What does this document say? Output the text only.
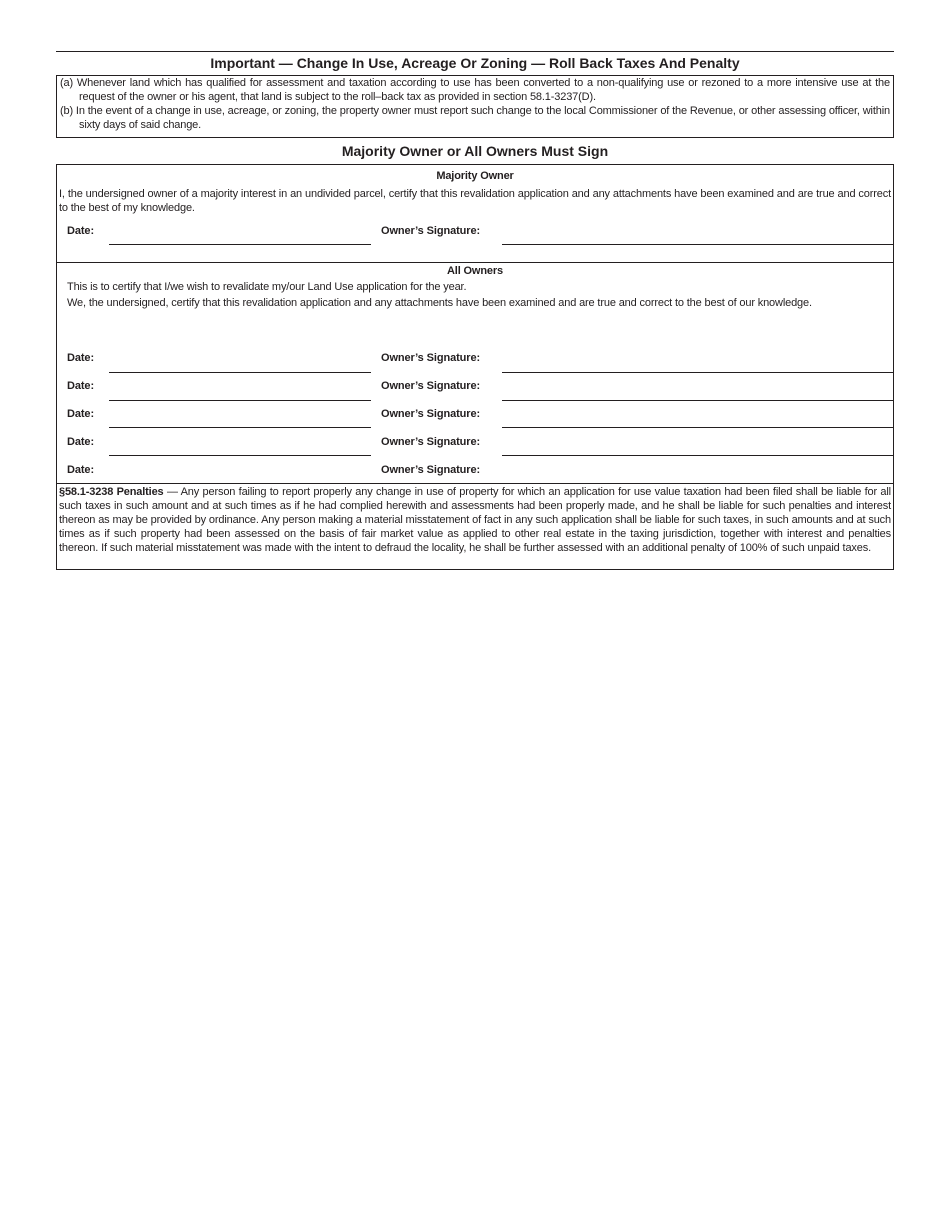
Important — Change In Use, Acreage Or Zoning — Roll Back Taxes And Penalty
(a) Whenever land which has qualified for assessment and taxation according to use has been converted to a non-qualifying use or rezoned to a more intensive use at the request of the owner or his agent, that land is subject to the roll–back tax as provided in section 58.1-3237(D).
(b) In the event of a change in use, acreage, or zoning, the property owner must report such change to the local Commissioner of the Revenue, or other assessing officer, within sixty days of said change.
Majority Owner or All Owners Must Sign
Majority Owner
I, the undersigned owner of a majority interest in an undivided parcel, certify that this revalidation application and any attachments have been examined and are true and correct to the best of my knowledge.
Date:	Owner’s Signature:
All Owners
This is to certify that I/we wish to revalidate my/our Land Use application for the year.
We, the undersigned, certify that this revalidation application and any attachments have been examined and are true and correct to the best of our knowledge.
Date:	Owner’s Signature:
Date:	Owner’s Signature:
Date:	Owner’s Signature:
Date:	Owner’s Signature:
Date:	Owner’s Signature:
§58.1-3238 Penalties — Any person failing to report properly any change in use of property for which an application for use value taxation had been filed shall be liable for all such taxes in such amount and at such times as if he had complied herewith and assessments had been properly made, and he shall be liable for such penalties and interest thereon as may be provided by ordinance. Any person making a material misstatement of fact in any such application shall be liable for such taxes, in such amounts and at such times as if such property had been assessed on the basis of fair market value as applied to other real estate in the taxing jurisdiction, together with interest and penalties thereon. If such material misstatement was made with the intent to defraud the locality, he shall be further assessed with an additional penalty of 100% of such unpaid taxes.
